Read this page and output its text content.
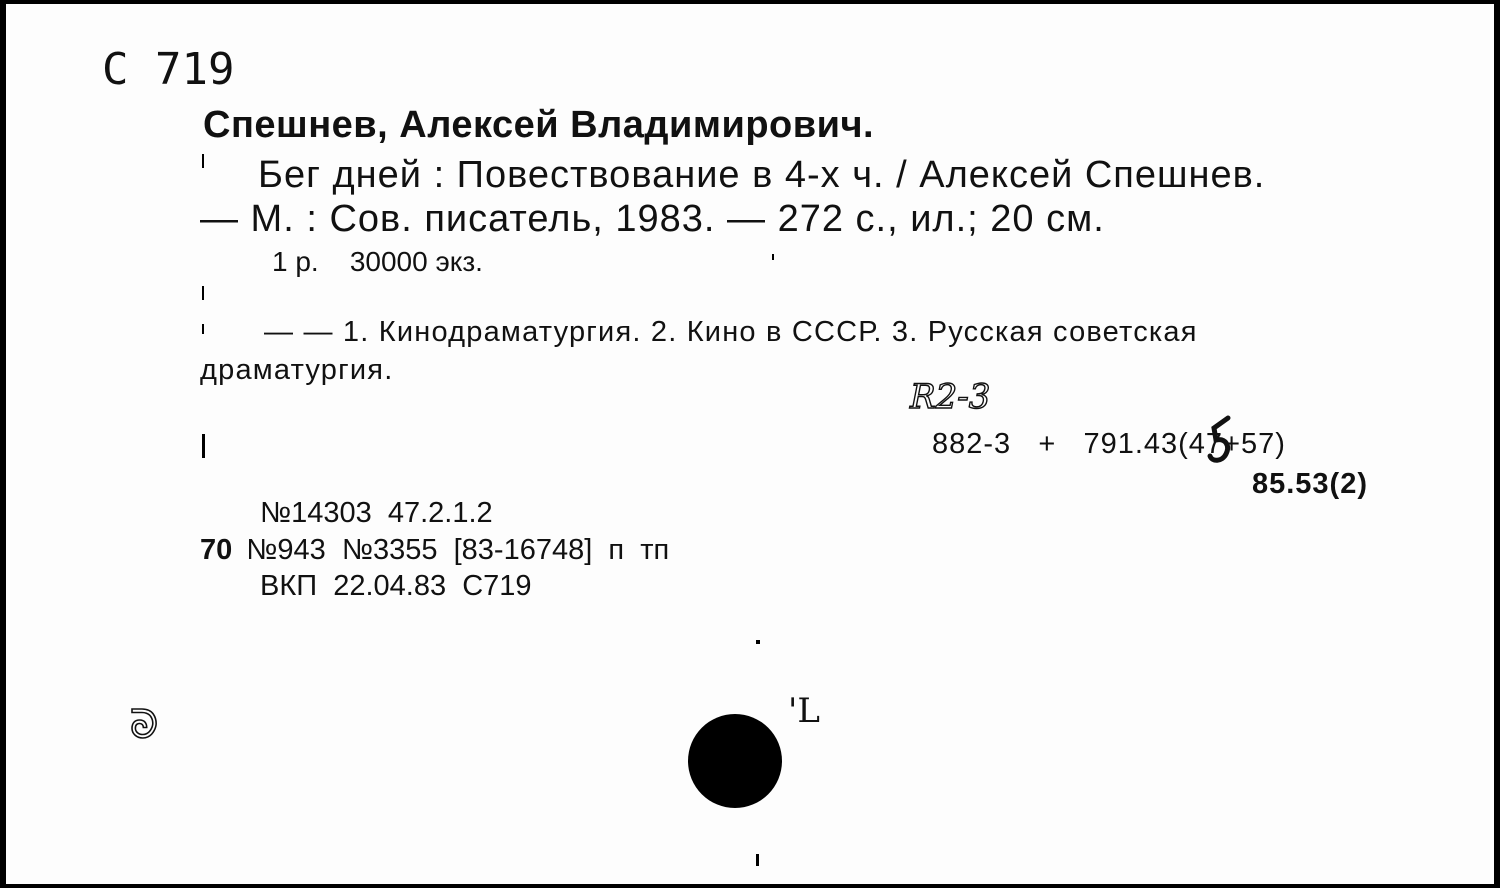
С 719
Спешнев, Алексей Владимирович.
Бег дней : Повествование в 4-х ч. / Алексей Спешнев.
— М. : Сов. писатель, 1983. — 272 с., ил.; 20 см.
1 р.    30000 экз.
— — 1. Кинодраматургия. 2. Кино в СССР. 3. Русская советская
драматургия.
R2-3
882-3   +   791.43(47+57)
85.53(2)
№14303  47.2.1.2
70 №943  №3355  [83-16748]  п  тп
ВКП  22.04.83  С719
ᘐ	'L
